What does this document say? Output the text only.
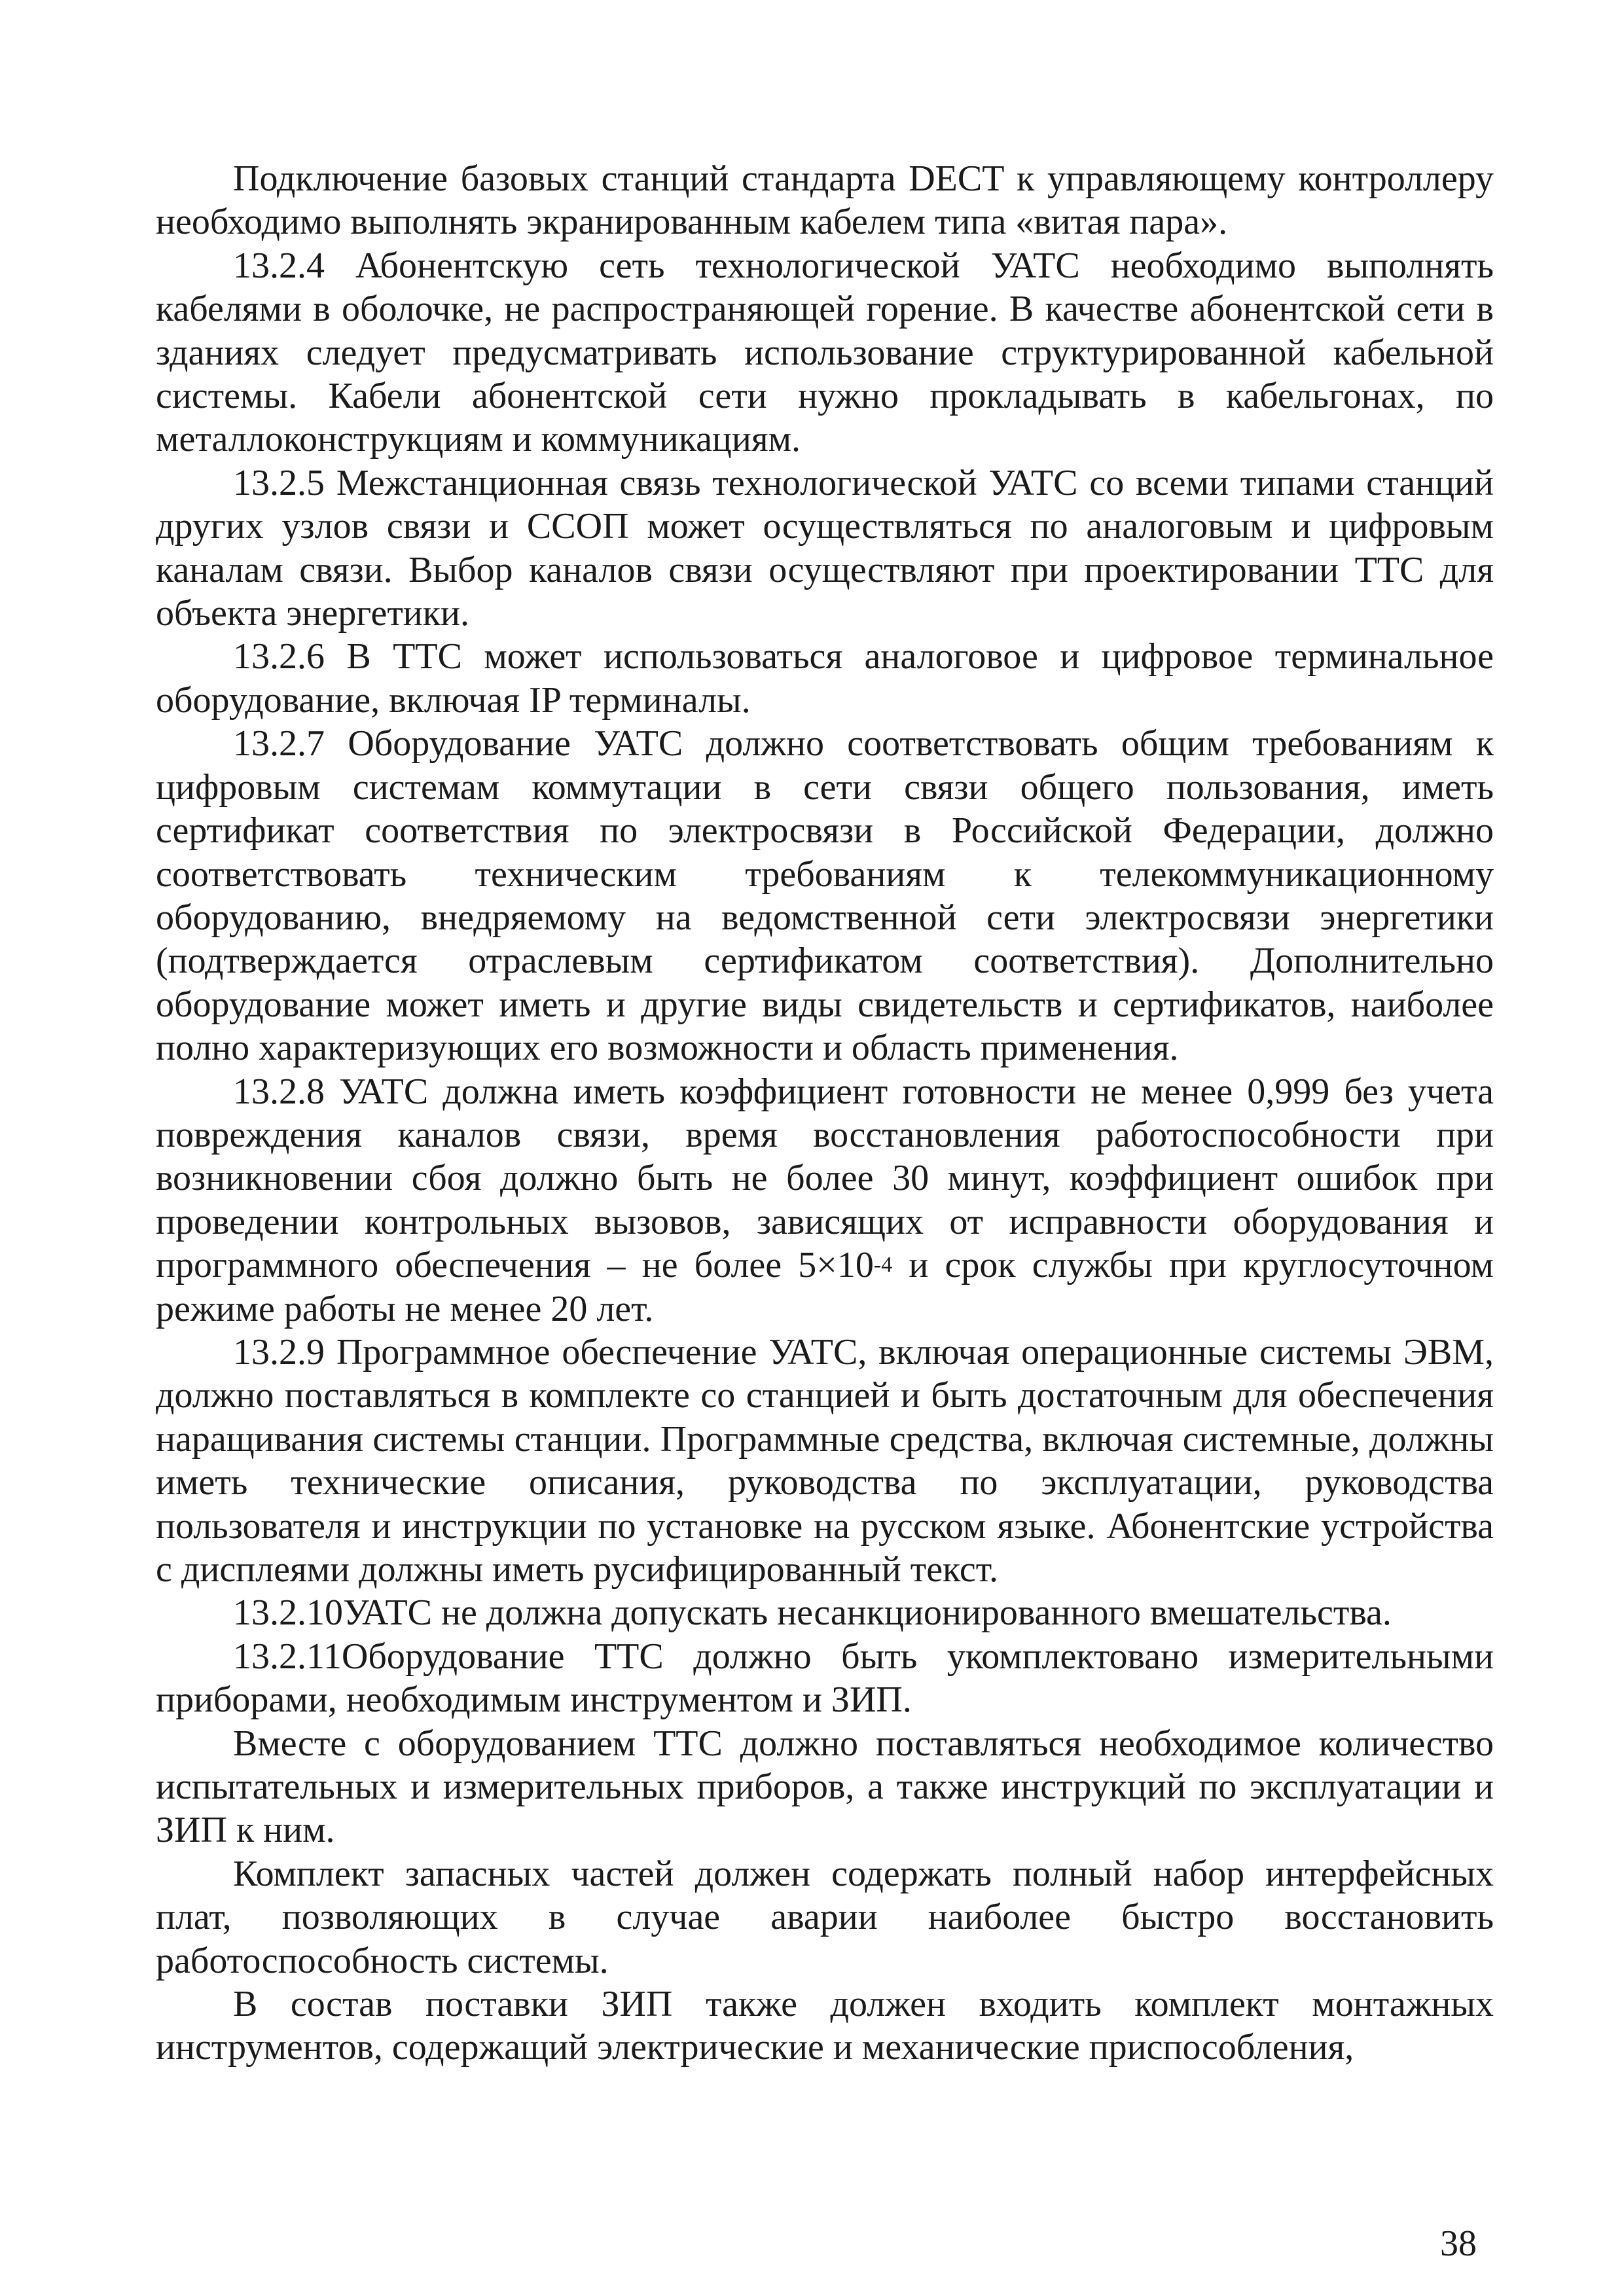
Подключение базовых станций стандарта DECT к управляющему контроллеру необходимо выполнять экранированным кабелем типа «витая пара».

13.2.4 Абонентскую сеть технологической УАТС необходимо выполнять кабелями в оболочке, не распространяющей горение. В качестве абонентской сети в зданиях следует предусматривать использование структурированной кабельной системы. Кабели абонентской сети нужно прокладывать в кабельгонах, по металлоконструкциям и коммуникациям.

13.2.5 Межстанционная связь технологической УАТС со всеми типами станций других узлов связи и ССОП может осуществляться по аналоговым и цифровым каналам связи. Выбор каналов связи осуществляют при проектировании ТТС для объекта энергетики.

13.2.6 В ТТС может использоваться аналоговое и цифровое терминальное оборудование, включая IP терминалы.

13.2.7 Оборудование УАТС должно соответствовать общим требованиям к цифровым системам коммутации в сети связи общего пользования, иметь сертификат соответствия по электросвязи в Российской Федерации, должно соответствовать техническим требованиям к телекоммуникационному оборудованию, внедряемому на ведомственной сети электросвязи энергетики (подтверждается отраслевым сертификатом соответствия). Дополнительно оборудование может иметь и другие виды свидетельств и сертификатов, наиболее полно характеризующих его возможности и область применения.

13.2.8 УАТС должна иметь коэффициент готовности не менее 0,999 без учета повреждения каналов связи, время восстановления работоспособности при возникновении сбоя должно быть не более 30 минут, коэффициент ошибок при проведении контрольных вызовов, зависящих от исправности оборудования и программного обеспечения – не более $5\times 10^{-4}$ и срок службы при круглосуточном режиме работы не менее 20 лет.

13.2.9 Программное обеспечение УАТС, включая операционные системы ЭВМ, должно поставляться в комплекте со станцией и быть достаточным для обеспечения наращивания системы станции. Программные средства, включая системные, должны иметь технические описания, руководства по эксплуатации, руководства пользователя и инструкции по установке на русском языке. Абонентские устройства с дисплеями должны иметь русифицированный текст.

13.2.10УАТС не должна допускать несанкционированного вмешательства.

13.2.11Оборудование ТТС должно быть укомплектовано измерительными приборами, необходимым инструментом и ЗИП.

Вместе с оборудованием ТТС должно поставляться необходимое количество испытательных и измерительных приборов, а также инструкций по эксплуатации и ЗИП к ним.

Комплект запасных частей должен содержать полный набор интерфейсных плат, позволяющих в случае аварии наиболее быстро восстановить работоспособность системы.

В состав поставки ЗИП также должен входить комплект монтажных инструментов, содержащий электрические и механические приспособления,

38
